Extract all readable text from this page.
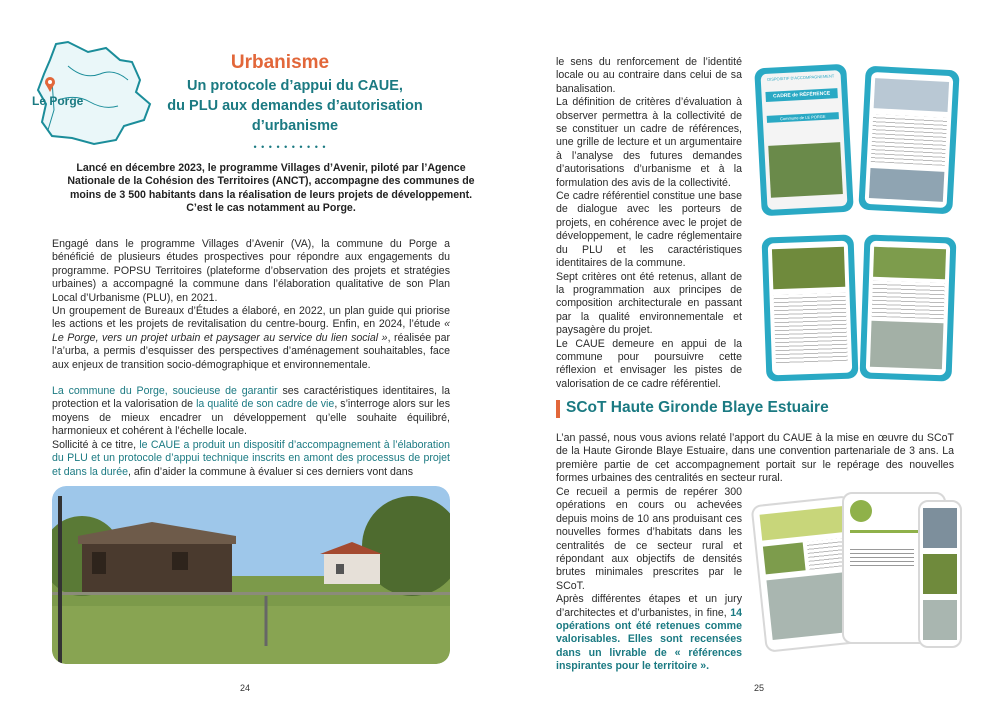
Le Porge
Urbanisme
Un protocole d’appui du CAUE,
du PLU aux demandes d’autorisation
d’urbanisme
• • • • • • • • • •
Lancé en décembre 2023, le programme Villages d’Avenir, piloté par l’Agence Nationale de la Cohésion des Territoires (ANCT), accompagne des communes de moins de 3 500 habitants dans la réalisation de leurs projets de développement. C’est le cas notamment au Porge.

Engagé dans le programme Villages d’Avenir (VA), la commune du Porge a bénéficié de plusieurs études prospectives pour répondre aux engagements du programme. POPSU Territoires (plateforme d’observation des projets et stratégies urbaines) a accompagné la commune dans l’élaboration qualitative de son Plan Local d’Urbanisme (PLU), en 2021.

Un groupement de Bureaux d’Études a élaboré, en 2022, un plan guide qui priorise les actions et les projets de revitalisation du centre-bourg. Enfin, en 2024, l’étude « Le Porge, vers un projet urbain et paysager au service du lien social », réalisée par l’a’urba, a permis d’esquisser des perspectives d’aménagement souhaitables, face aux enjeux de transition socio-démographique et environnementale.

La commune du Porge, soucieuse de garantir ses caractéristiques identitaires, la protection et la valorisation de la qualité de son cadre de vie, s’interroge alors sur les moyens de mieux encadrer un développement qu’elle souhaite équilibré, harmonieux et cohérent à l’échelle locale.

Sollicité à ce titre, le CAUE a produit un dispositif d’accompagnement à l’élaboration du PLU et un protocole d’appui technique inscrits en amont des processus de projet et dans la durée, afin d’aider la commune à évaluer si ces derniers vont dans

24

le sens du renforcement de l’identité locale ou au contraire dans celui de sa banalisation.

La définition de critères d’évaluation à observer permettra à la collectivité de se constituer un cadre de références, une grille de lecture et un argumentaire à l’analyse des futures demandes d’autorisations d’urbanisme et à la formulation des avis de la collectivité.

Ce cadre référentiel constitue une base de dialogue avec les porteurs de projets, en cohérence avec le projet de développement, le cadre réglementaire du PLU et les caractéristiques identitaires de la commune.

Sept critères ont été retenus, allant de la programmation aux principes de composition architecturale en passant par la qualité environnementale et paysagère du projet.

Le CAUE demeure en appui de la commune pour poursuivre cette réflexion et envisager les pistes de valorisation de ce cadre référentiel.

DISPOSITIF D’ACCOMPAGNEMENT
CADRE de RÉFÉRENCE
Commune de LE PORGE
SCoT Haute Gironde Blaye Estuaire
L’an passé, nous vous avions relaté l’apport du CAUE à la mise en œuvre du SCoT de la Haute Gironde Blaye Estuaire, dans une convention partenariale de 3 ans. La première partie de cet accompagnement portait sur le repérage des nouvelles formes urbaines des centralités en secteur rural.

Ce recueil a permis de repérer 300 opérations en cours ou achevées depuis moins de 10 ans produisant ces nouvelles formes d’habitats dans les centralités de ce secteur rural et répondant aux objectifs de densités brutes minimales prescrites par le SCoT.

Après différentes étapes et un jury d’architectes et d’urbanistes, in fine, 14 opérations ont été retenues comme valorisables. Elles sont recensées dans un livrable de « références inspirantes pour le territoire ».

25
